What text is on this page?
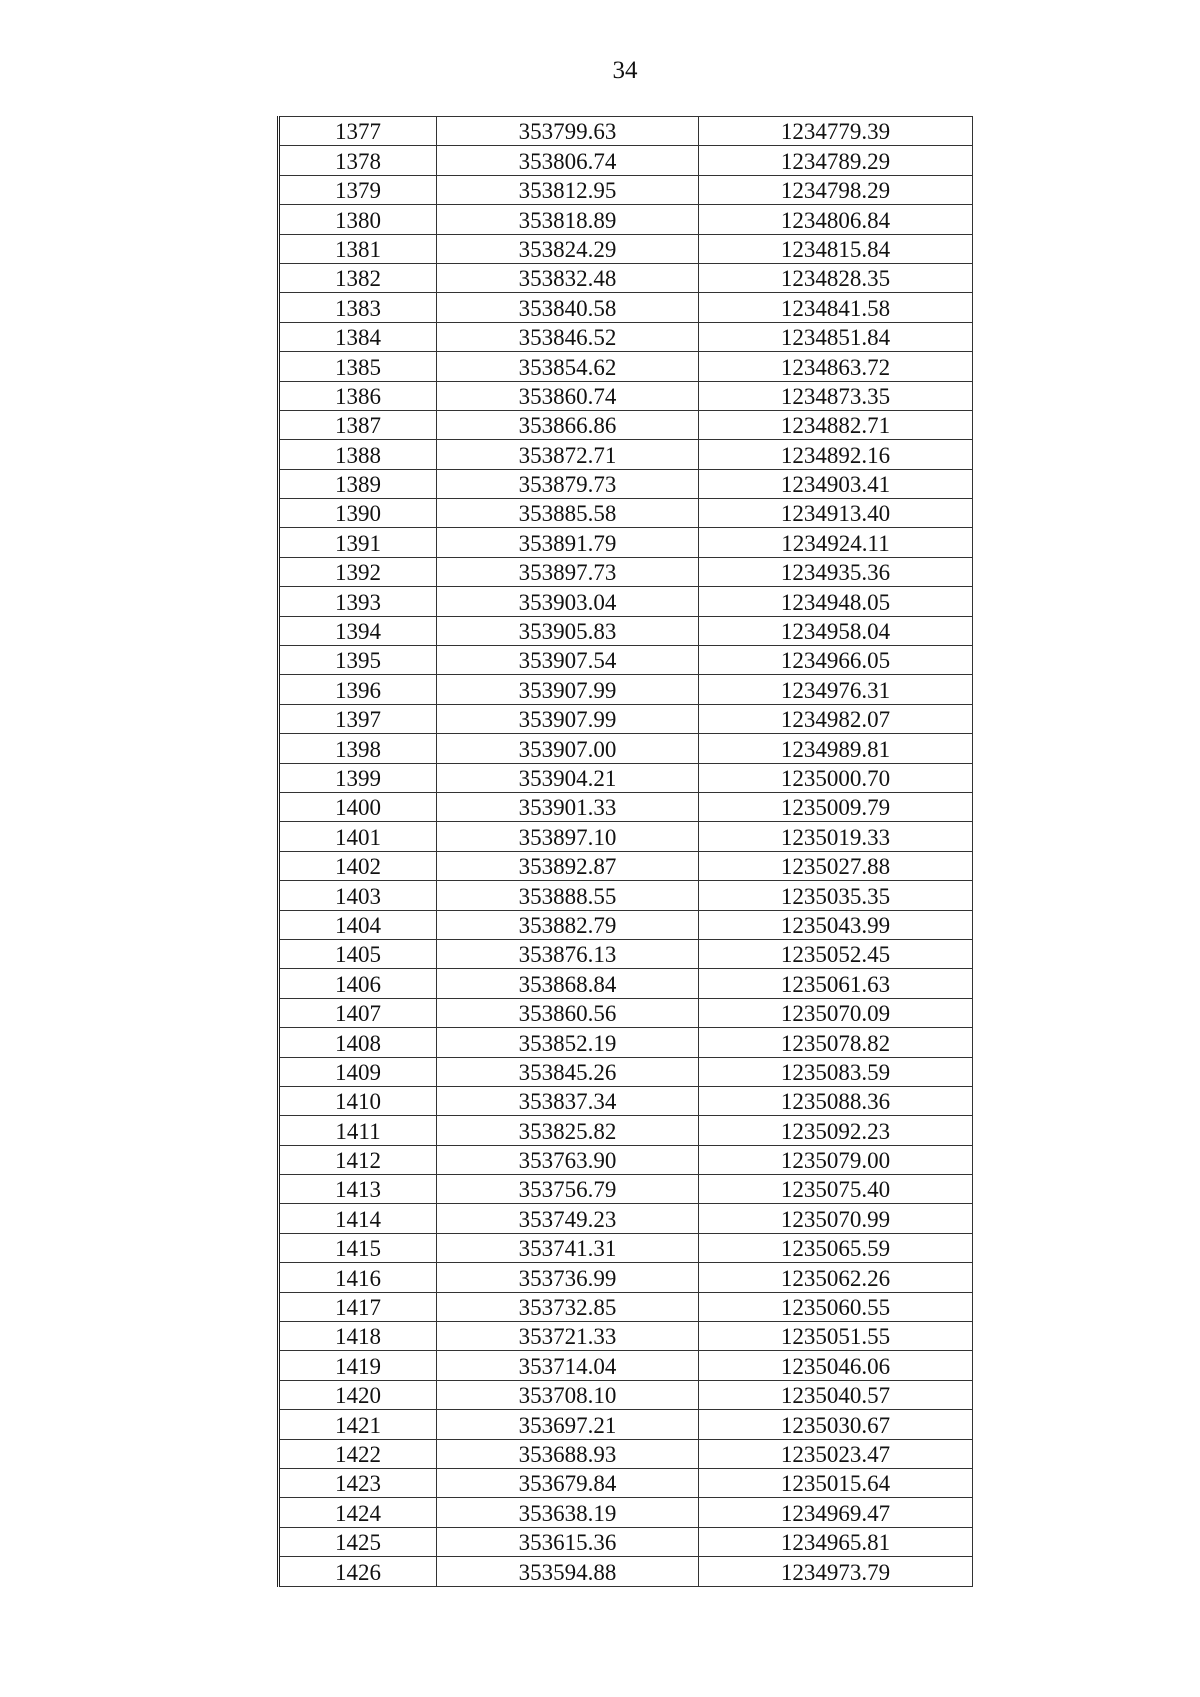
34
1377	353799.63	1234779.39
1378	353806.74	1234789.29
1379	353812.95	1234798.29
1380	353818.89	1234806.84
1381	353824.29	1234815.84
1382	353832.48	1234828.35
1383	353840.58	1234841.58
1384	353846.52	1234851.84
1385	353854.62	1234863.72
1386	353860.74	1234873.35
1387	353866.86	1234882.71
1388	353872.71	1234892.16
1389	353879.73	1234903.41
1390	353885.58	1234913.40
1391	353891.79	1234924.11
1392	353897.73	1234935.36
1393	353903.04	1234948.05
1394	353905.83	1234958.04
1395	353907.54	1234966.05
1396	353907.99	1234976.31
1397	353907.99	1234982.07
1398	353907.00	1234989.81
1399	353904.21	1235000.70
1400	353901.33	1235009.79
1401	353897.10	1235019.33
1402	353892.87	1235027.88
1403	353888.55	1235035.35
1404	353882.79	1235043.99
1405	353876.13	1235052.45
1406	353868.84	1235061.63
1407	353860.56	1235070.09
1408	353852.19	1235078.82
1409	353845.26	1235083.59
1410	353837.34	1235088.36
1411	353825.82	1235092.23
1412	353763.90	1235079.00
1413	353756.79	1235075.40
1414	353749.23	1235070.99
1415	353741.31	1235065.59
1416	353736.99	1235062.26
1417	353732.85	1235060.55
1418	353721.33	1235051.55
1419	353714.04	1235046.06
1420	353708.10	1235040.57
1421	353697.21	1235030.67
1422	353688.93	1235023.47
1423	353679.84	1235015.64
1424	353638.19	1234969.47
1425	353615.36	1234965.81
1426	353594.88	1234973.79
